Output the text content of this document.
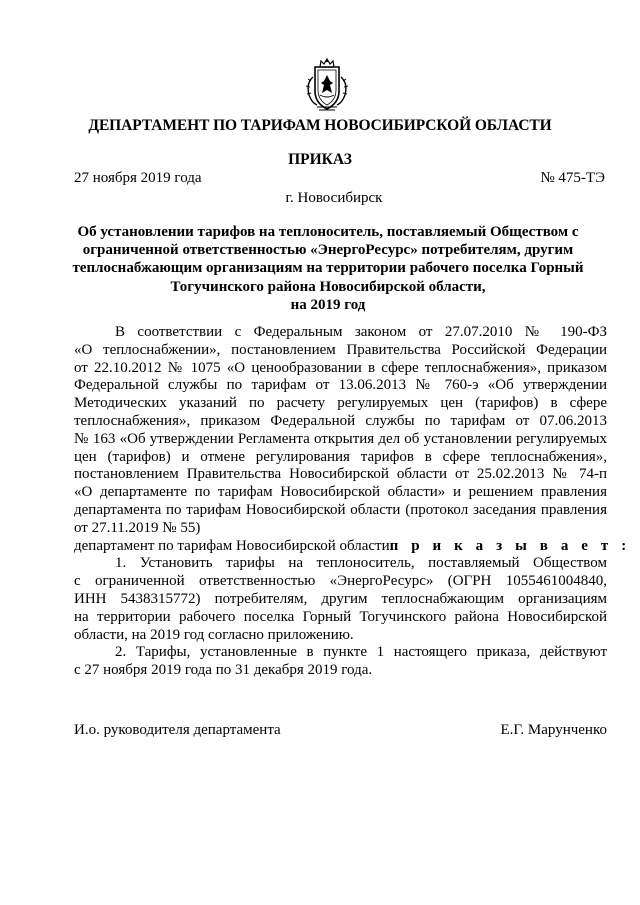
ДЕПАРТАМЕНТ ПО ТАРИФАМ НОВОСИБИРСКОЙ ОБЛАСТИ
ПРИКАЗ
27 ноября 2019 года	№ 475-ТЭ
г. Новосибирск
Об установлении тарифов на теплоноситель, поставляемый Обществом с
ограниченной ответственностью «ЭнергоРесурс» потребителям, другим
теплоснабжающим организациям на территории рабочего поселка Горный
Тогучинского района Новосибирской области,
на 2019 год
В соответствии с Федеральным законом от 27.07.2010 № 190-ФЗ
«О теплоснабжении», постановлением Правительства Российской Федерации
от 22.10.2012 № 1075 «О ценообразовании в сфере теплоснабжения», приказом
Федеральной службы по тарифам от 13.06.2013 № 760-э «Об утверждении
Методических указаний по расчету регулируемых цен (тарифов) в сфере
теплоснабжения», приказом Федеральной службы по тарифам от 07.06.2013
№ 163 «Об утверждении Регламента открытия дел об установлении регулируемых
цен (тарифов) и отмене регулирования тарифов в сфере теплоснабжения»,
постановлением Правительства Новосибирской области от 25.02.2013 № 74-п
«О департаменте по тарифам Новосибирской области» и решением правления
департамента по тарифам Новосибирской области (протокол заседания правления
от 27.11.2019 № 55)
департамент по тарифам Новосибирской области п р и к а з ы в а е т :
1. Установить тарифы на теплоноситель, поставляемый Обществом
с ограниченной ответственностью «ЭнергоРесурс» (ОГРН 1055461004840,
ИНН 5438315772) потребителям, другим теплоснабжающим организациям
на территории рабочего поселка Горный Тогучинского района Новосибирской
области, на 2019 год согласно приложению.
2. Тарифы, установленные в пункте 1 настоящего приказа, действуют
с 27 ноября 2019 года по 31 декабря 2019 года.
И.о. руководителя департамента	Е.Г. Марунченко
